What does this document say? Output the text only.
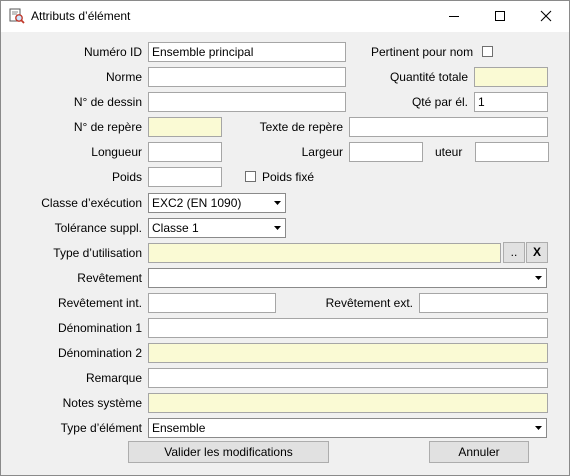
Attributs d’élément
Numéro ID Ensemble principal	Pertinent pour nom
Norme	Quantité totale
N° de dessin	Qté par él. 1
N° de repère	Texte de repère
Longueur	Largeur	uteur
Poids	Poids fixé
Classe d’exécution EXC2 (EN 1090)
Tolérance suppl. Classe 1
Type d’utilisation	..	X
Revêtement
Revêtement int.	Revêtement ext.
Dénomination 1
Dénomination 2
Remarque
Notes système
Type d’élément Ensemble
Valider les modifications	Annuler
